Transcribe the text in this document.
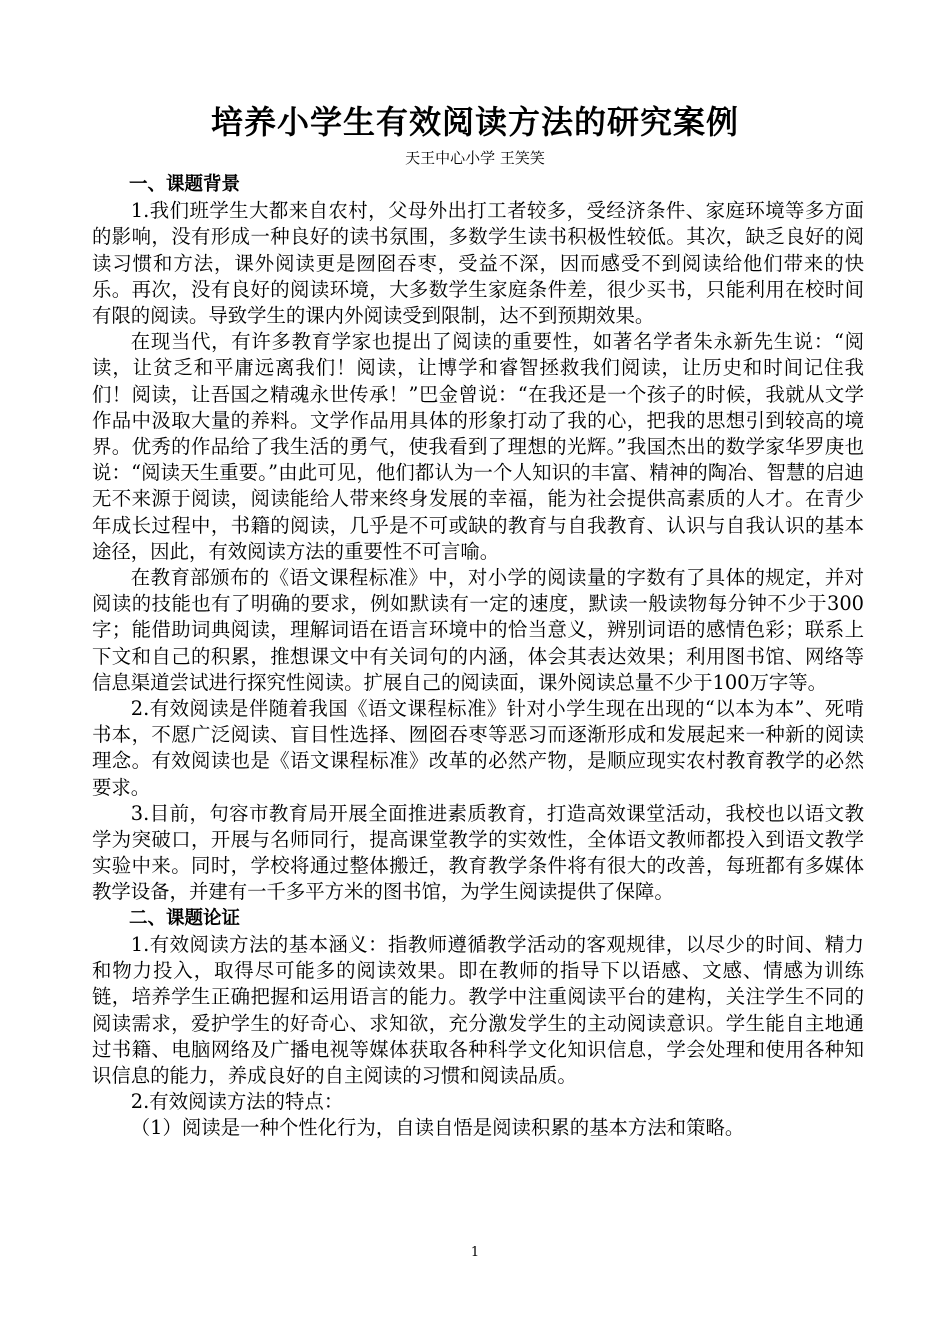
培养小学生有效阅读方法的研究案例
天王中心小学 王笑笑

一、课题背景

1.我们班学生大都来自农村，父母外出打工者较多，受经济条件、家庭环境等多方面的影响，没有形成一种良好的读书氛围，多数学生读书积极性较低。其次，缺乏良好的阅读习惯和方法，课外阅读更是囫囵吞枣，受益不深，因而感受不到阅读给他们带来的快乐。再次，没有良好的阅读环境，大多数学生家庭条件差，很少买书，只能利用在校时间有限的阅读。导致学生的课内外阅读受到限制，达不到预期效果。

在现当代，有许多教育学家也提出了阅读的重要性，如著名学者朱永新先生说：“阅读，让贫乏和平庸远离我们！阅读，让博学和睿智拯救我们阅读，让历史和时间记住我们！阅读，让吾国之精魂永世传承！”巴金曾说：“在我还是一个孩子的时候，我就从文学作品中汲取大量的养料。文学作品用具体的形象打动了我的心，把我的思想引到较高的境界。优秀的作品给了我生活的勇气，使我看到了理想的光辉。”我国杰出的数学家华罗庚也说：“阅读天生重要。”由此可见，他们都认为一个人知识的丰富、精神的陶冶、智慧的启迪无不来源于阅读，阅读能给人带来终身发展的幸福，能为社会提供高素质的人才。在青少年成长过程中，书籍的阅读，几乎是不可或缺的教育与自我教育、认识与自我认识的基本途径，因此，有效阅读方法的重要性不可言喻。

在教育部颁布的《语文课程标准》中，对小学的阅读量的字数有了具体的规定，并对阅读的技能也有了明确的要求，例如默读有一定的速度，默读一般读物每分钟不少于300字；能借助词典阅读，理解词语在语言环境中的恰当意义，辨别词语的感情色彩；联系上下文和自己的积累，推想课文中有关词句的内涵，体会其表达效果；利用图书馆、网络等信息渠道尝试进行探究性阅读。扩展自己的阅读面，课外阅读总量不少于100万字等。

2.有效阅读是伴随着我国《语文课程标准》针对小学生现在出现的“以本为本”、死啃书本，不愿广泛阅读、盲目性选择、囫囵吞枣等恶习而逐渐形成和发展起来一种新的阅读理念。有效阅读也是《语文课程标准》改革的必然产物，是顺应现实农村教育教学的必然要求。

3.目前，句容市教育局开展全面推进素质教育，打造高效课堂活动，我校也以语文教学为突破口，开展与名师同行，提高课堂教学的实效性，全体语文教师都投入到语文教学实验中来。同时，学校将通过整体搬迁，教育教学条件将有很大的改善，每班都有多媒体教学设备，并建有一千多平方米的图书馆，为学生阅读提供了保障。

二、课题论证

1.有效阅读方法的基本涵义：指教师遵循教学活动的客观规律，以尽少的时间、精力和物力投入，取得尽可能多的阅读效果。即在教师的指导下以语感、文感、情感为训练链，培养学生正确把握和运用语言的能力。教学中注重阅读平台的建构，关注学生不同的阅读需求，爱护学生的好奇心、求知欲，充分激发学生的主动阅读意识。学生能自主地通过书籍、电脑网络及广播电视等媒体获取各种科学文化知识信息，学会处理和使用各种知识信息的能力，养成良好的自主阅读的习惯和阅读品质。

2.有效阅读方法的特点：

（1）阅读是一种个性化行为，自读自悟是阅读积累的基本方法和策略。

1
